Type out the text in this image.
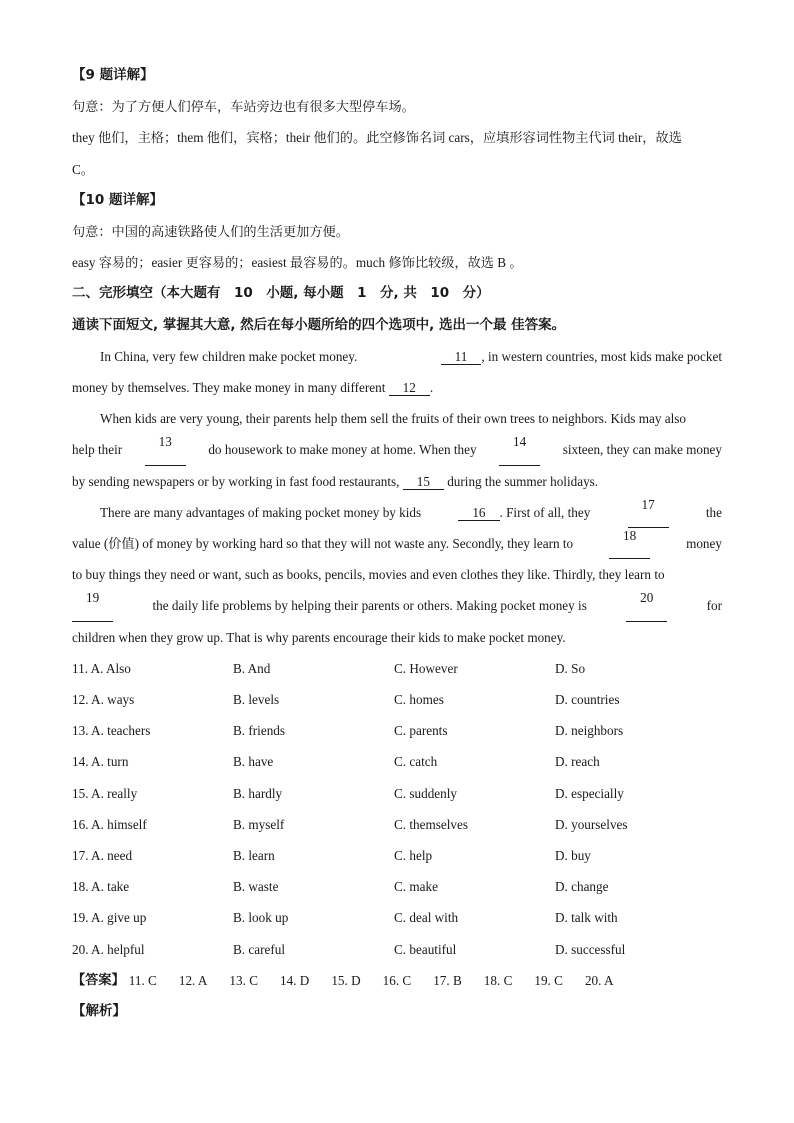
【9 题详解】
句意：为了方便人们停车，车站旁边也有很多大型停车场。
they 他们，主格；them 他们，宾格；their 他们的。此空修饰名词 cars，应填形容词性物主代词 their，故选
C。
【10 题详解】
句意：中国的高速铁路使人们的生活更加方便。
easy 容易的；easier 更容易的；easiest 最容易的。much 修饰比较级，故选 B 。
二、完形填空（本大题有　10　小题, 每小题　1　分, 共　10　分）
通读下面短文, 掌握其大意, 然后在每小题所给的四个选项中, 选出一个最 佳答案。
In China, very few children make pocket money.	11 , in western countries, most kids make pocket
money by themselves. They make money in many different 12 .
When kids are very young, their parents help them sell the fruits of their own trees to neighbors. Kids may also
help their
13
do housework to make money at home. When they
14
sixteen, they can make money
by sending newspapers or by working in fast food restaurants, 15 during the summer holidays.
There are many advantages of making pocket money by kids	16 . First of all, they
17
the
value (价值) of money by working hard so that they will not waste any. Secondly, they learn to
18
money
to buy things they need or want, such as books, pencils, movies and even clothes they like. Thirdly, they learn to
19
the daily life problems by helping their parents or others. Making pocket money is
20
for
children when they grow up. That is why parents encourage their kids to make pocket money.
11. A. Also	B. And	C. However	D. So
12. A. ways	B. levels	C. homes	D. countries
13. A. teachers	B. friends	C. parents	D. neighbors
14. A. turn	B. have	C. catch	D. reach
15. A. really	B. hardly	C. suddenly	D. especially
16. A. himself	B. myself	C. themselves	D. yourselves
17. A. need	B. learn	C. help	D. buy
18. A. take	B. waste	C. make	D. change
19. A. give up	B. look up	C. deal with	D. talk with
20. A. helpful	B. careful	C. beautiful	D. successful
【答案】 11. C 12. A 13. C 14. D 15. D 16. C 17. B 18. C 19. C 20. A
【解析】
